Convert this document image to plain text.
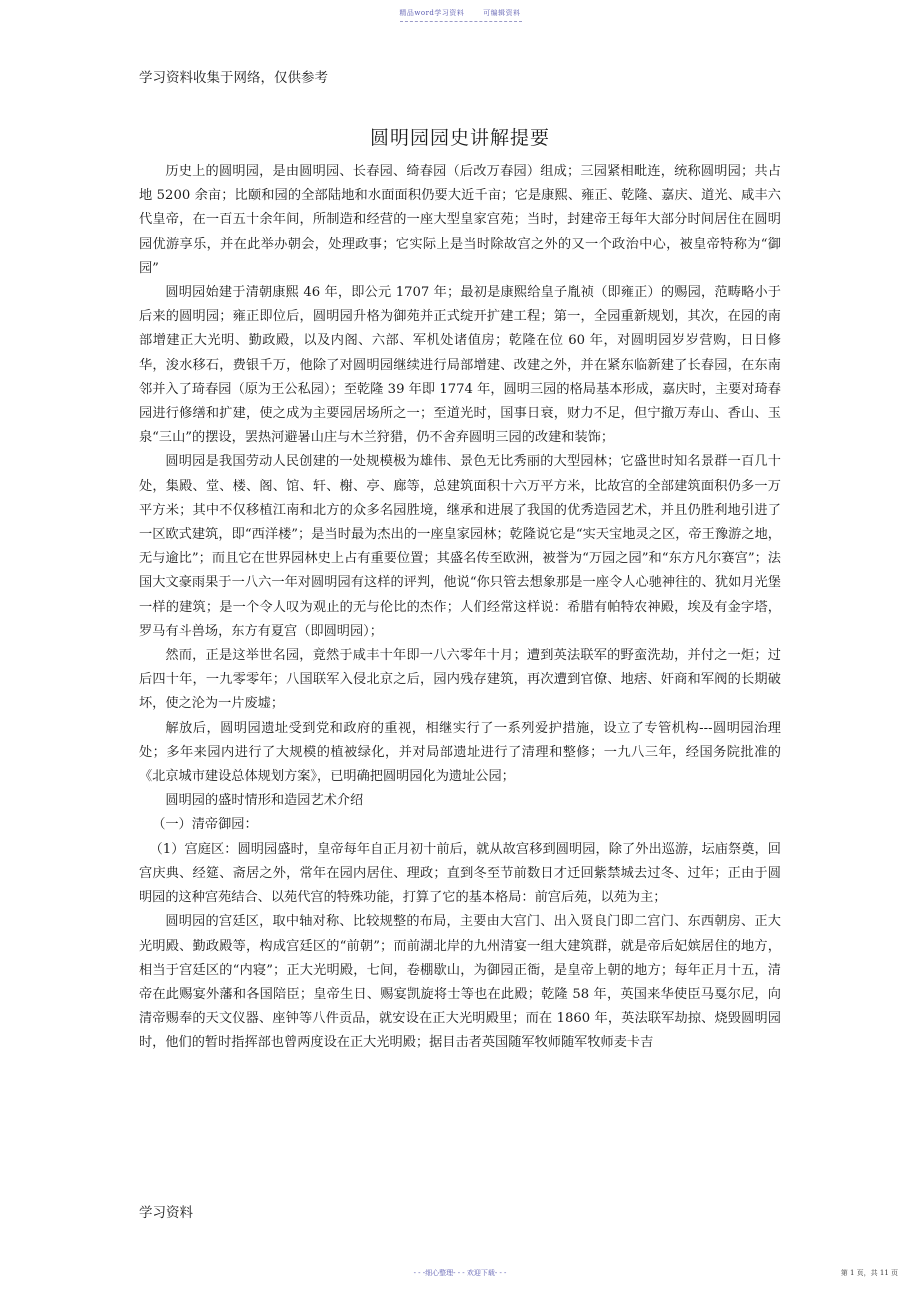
精品word学习资料	可编辑资料
学习资料收集于网络，仅供参考
圆明园园史讲解提要

历史上的圆明园，是由圆明园、长春园、绮春园（后改万春园）组成；三园紧相毗连，统称圆明园；共占地 5200 余亩；比颐和园的全部陆地和水面面积仍要大近千亩；它是康熙、雍正、乾隆、嘉庆、道光、咸丰六代皇帝，在一百五十余年间，所制造和经营的一座大型皇家宫苑；当时，封建帝王每年大部分时间居住在圆明园优游享乐，并在此举办朝会，处理政事；它实际上是当时除故宫之外的又一个政治中心，被皇帝特称为“御园”

圆明园始建于清朝康熙 46 年，即公元 1707 年；最初是康熙给皇子胤祯（即雍正）的赐园，范畴略小于后来的圆明园；雍正即位后，圆明园升格为御苑并正式绽开扩建工程；第一，全园重新规划，其次，在园的南部增建正大光明、勤政殿，以及内阁、六部、军机处诸值房；乾隆在位 60 年，对圆明园岁岁营购，日日修华，浚水移石，费银千万，他除了对圆明园继续进行局部增建、改建之外，并在紧东临新建了长春园，在东南邻并入了琦春园（原为王公私园）；至乾隆 39 年即 1774 年，圆明三园的格局基本形成，嘉庆时，主要对琦春园进行修缮和扩建，使之成为主要园居场所之一；至道光时，国事日衰，财力不足，但宁撤万寿山、香山、玉泉“三山”的摆设，罢热河避暑山庄与木兰狩猎，仍不舍弃圆明三园的改建和装饰；

圆明园是我国劳动人民创建的一处规模极为雄伟、景色无比秀丽的大型园林；它盛世时知名景群一百几十处，集殿、堂、楼、阁、馆、轩、榭、亭、廊等，总建筑面积十六万平方米，比故宫的全部建筑面积仍多一万平方米；其中不仅移植江南和北方的众多名园胜境，继承和进展了我国的优秀造园艺术，并且仍胜利地引进了一区欧式建筑，即“西洋楼”；是当时最为杰出的一座皇家园林；乾隆说它是“实天宝地灵之区，帝王豫游之地，无与逾比”；而且它在世界园林史上占有重要位置；其盛名传至欧洲，被誉为“万园之园”和“东方凡尔赛宫”；法国大文豪雨果于一八六一年对圆明园有这样的评判，他说“你只管去想象那是一座令人心驰神往的、犹如月光堡一样的建筑；是一个令人叹为观止的无与伦比的杰作；人们经常这样说：希腊有帕特农神殿，埃及有金字塔，罗马有斗兽场，东方有夏宫（即圆明园）；

然而，正是这举世名园，竟然于咸丰十年即一八六零年十月；遭到英法联军的野蛮洗劫，并付之一炬；过后四十年，一九零零年；八国联军入侵北京之后，园内残存建筑，再次遭到官僚、地痞、奸商和军阀的长期破坏，使之沦为一片废墟；

解放后，圆明园遗址受到党和政府的重视，相继实行了一系列爱护措施，设立了专管机构---圆明园治理处；多年来园内进行了大规模的植被绿化，并对局部遗址进行了清理和整修；一九八三年，经国务院批准的《北京城市建设总体规划方案》，已明确把圆明园化为遗址公园；

圆明园的盛时情形和造园艺术介绍

（一）清帝御园：

（1）宫庭区：圆明园盛时，皇帝每年自正月初十前后，就从故宫移到圆明园，除了外出巡游，坛庙祭奠，回宫庆典、经筵、斋居之外，常年在园内居住、理政；直到冬至节前数日才迁回紫禁城去过冬、过年；正由于圆明园的这种宫苑结合、以苑代宫的特殊功能，打算了它的基本格局：前宫后苑，以苑为主；

圆明园的宫廷区，取中轴对称、比较规整的布局，主要由大宫门、出入贤良门即二宫门、东西朝房、正大光明殿、勤政殿等，构成宫廷区的“前朝”；而前湖北岸的九州清宴一组大建筑群，就是帝后妃嫔居住的地方，相当于宫廷区的“内寝”；正大光明殿，七间，卷棚歇山，为御园正衙，是皇帝上朝的地方；每年正月十五，清帝在此赐宴外藩和各国陪臣；皇帝生日、赐宴凯旋将士等也在此殿；乾隆 58 年，英国来华使臣马戛尔尼，向清帝赐奉的天文仪器、座钟等八件贡品，就安设在正大光明殿里；而在 1860 年，英法联军劫掠、烧毁圆明园时，他们的暂时指挥部也曾两度设在正大光明殿；据目击者英国随军牧师随军牧师麦卡吉

学习资料
- - -细心整理- - - 欢迎下载- - -	第 1 页，共 11 页
